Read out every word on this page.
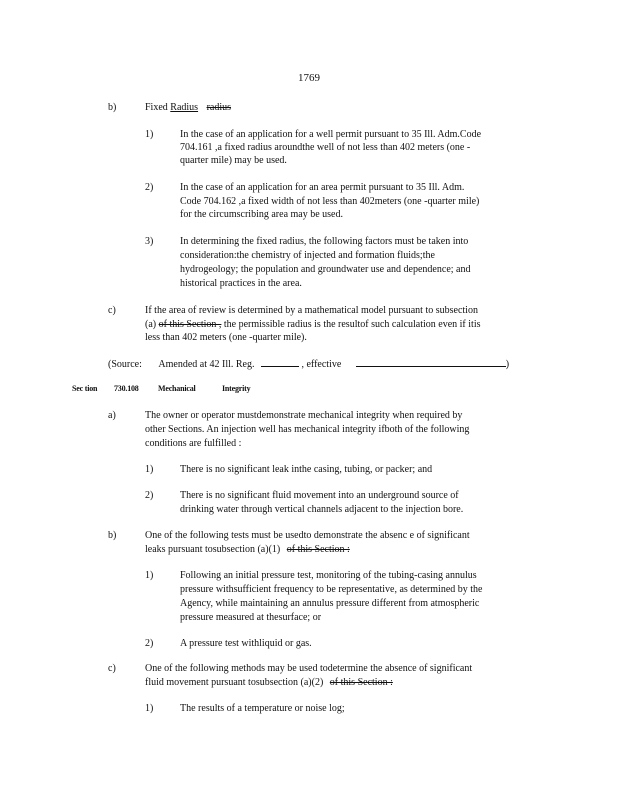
1769
b)	Fixed Radius radius
1)	In the case of an application for a well permit pursuant to 35 Ill. Adm.Code
704.161 ,a fixed radius aroundthe well of not less than 402 meters (one -
quarter mile) may be used.
2)	In the case of an application for an area permit pursuant to 35 Ill. Adm.
Code 704.162 ,a fixed width of not less than 402meters (one -quarter mile)
for the circumscribing area may be used.
3)	In determining the fixed radius, the following factors must be taken into
consideration:the chemistry of injected and formation fluids;the
hydrogeology; the population and groundwater use and dependence; and
historical practices in the area.
c)	If the area of review is determined by a mathematical model pursuant to subsection
(a) of this Section , the permissible radius is the resultof such calculation even if itis
less than 402 meters (one -quarter mile).
(Source: Amended at 42 Ill. Reg.	, effective	)
Sec tion 730.108 Mechanical	Integrity
a)	The owner or operator mustdemonstrate mechanical integrity when required by
other Sections. An injection well has mechanical integrity ifboth of the following
conditions are fulfilled :
1)	There is no significant leak inthe casing, tubing, or packer; and
2)	There is no significant fluid movement into an underground source of
drinking water through vertical channels adjacent to the injection bore.
b)	One of the following tests must be usedto demonstrate the absenc e of significant
leaks pursuant tosubsection (a)(1) of this Section :
1)	Following an initial pressure test, monitoring of the tubing-casing annulus
pressure withsufficient frequency to be representative, as determined by the
Agency, while maintaining an annulus pressure different from atmospheric
pressure measured at thesurface; or
2)	A pressure test withliquid or gas.
c)	One of the following methods may be used todetermine the absence of significant
fluid movement pursuant tosubsection (a)(2) of this Section :
1)	The results of a temperature or noise log;
